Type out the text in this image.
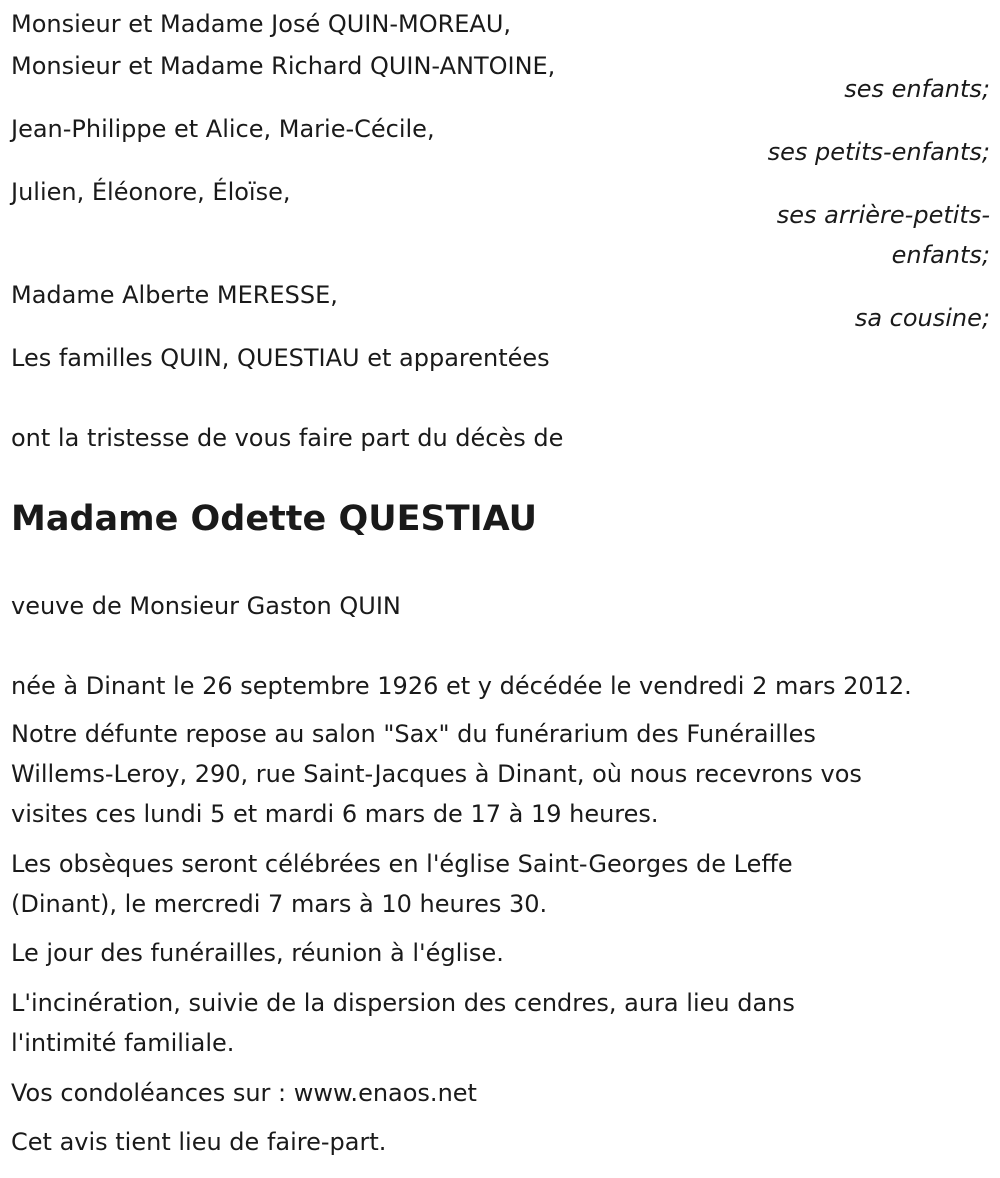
Monsieur et Madame José QUIN-MOREAU,
Monsieur et Madame Richard QUIN-ANTOINE,
ses enfants;
Jean-Philippe et Alice, Marie-Cécile,
ses petits-enfants;
Julien, Éléonore, Éloïse,
ses arrière-petits-
enfants;
Madame Alberte MERESSE,
sa cousine;
Les familles QUIN, QUESTIAU et apparentées
ont la tristesse de vous faire part du décès de
Madame Odette QUESTIAU
veuve de Monsieur Gaston QUIN
née à Dinant le 26 septembre 1926 et y décédée le vendredi 2 mars 2012.
Notre défunte repose au salon "Sax" du funérarium des Funérailles
Willems-Leroy, 290, rue Saint-Jacques à Dinant, où nous recevrons vos
visites ces lundi 5 et mardi 6 mars de 17 à 19 heures.
Les obsèques seront célébrées en l'église Saint-Georges de Leffe
(Dinant), le mercredi 7 mars à 10 heures 30.
Le jour des funérailles, réunion à l'église.
L'incinération, suivie de la dispersion des cendres, aura lieu dans
l'intimité familiale.
Vos condoléances sur : www.enaos.net
Cet avis tient lieu de faire-part.
